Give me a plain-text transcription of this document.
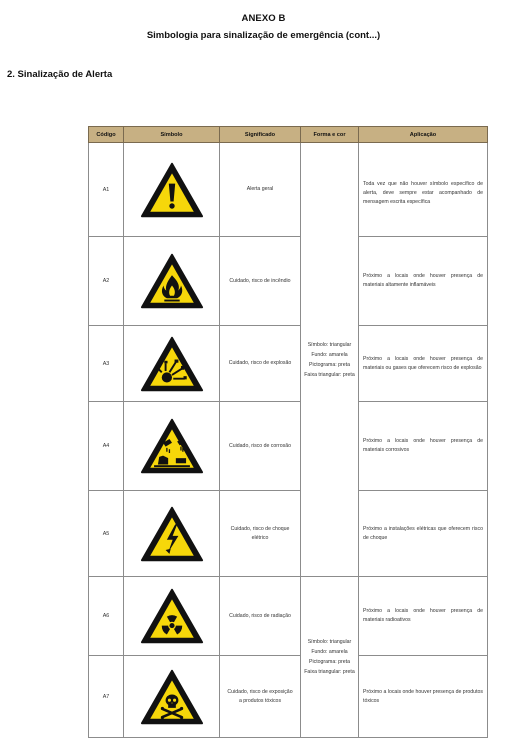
ANEXO B
Simbologia para sinalização de emergência (cont...)
2. Sinalização de Alerta
Código	Símbolo	Significado	Forma e cor	Aplicação
A1		Alerta geral	Símbolo: triangular
Fundo: amarela
Pictograma: preta
Faixa triangular: preta	Toda vez que não houver símbolo específico de alerta, deve sempre estar acompanhado de mensagem escrita específica
A2		Cuidado, risco de incêndio		Próximo a locais onde houver presença de materiais altamente inflamáveis
A3		Cuidado, risco de explosão		Próximo a locais onde houver presença de materiais ou gases que oferecem risco de explosão
A4		Cuidado, risco de corrosão		Próximo a locais onde houver presença de materiais corrosivos
A5		Cuidado, risco de choque elétrico		Próximo a instalações elétricas que oferecem risco de choque
A6		Cuidado, risco de radiação	Símbolo: triangular
Fundo: amarela
Pictograma: preta
Faixa triangular: preta	Próximo a locais onde houver presença de materiais radioativos
A7		Cuidado, risco de exposição a produtos tóxicos		Próximo a locais onde houver presença de produtos tóxicos
